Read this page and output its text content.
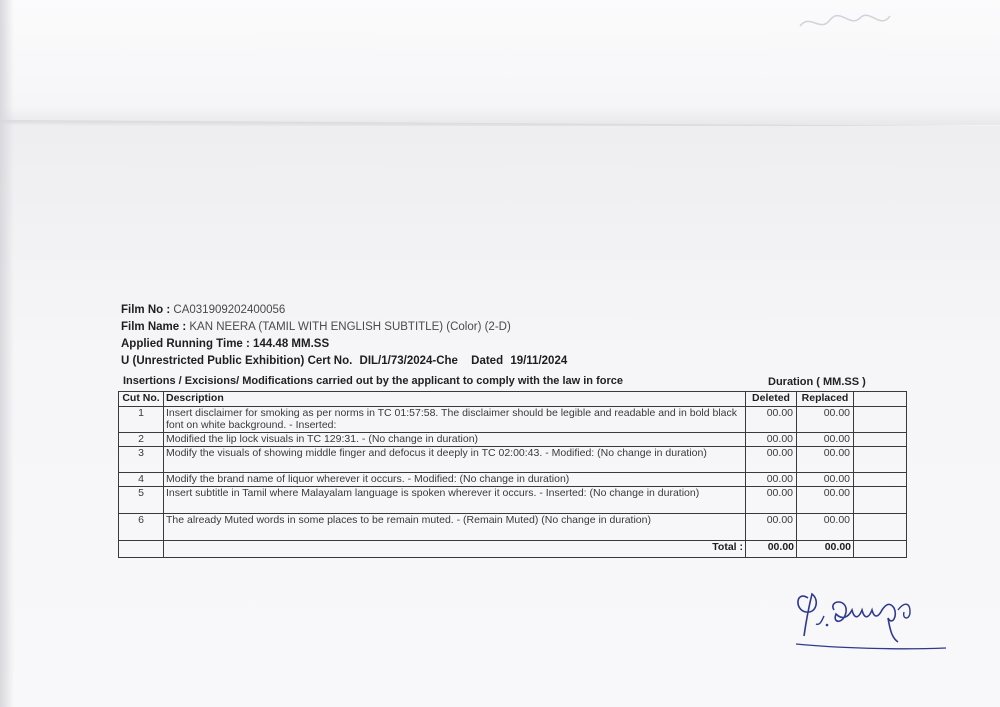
Film No : CA031909202400056
Film Name : KAN NEERA (TAMIL WITH ENGLISH SUBTITLE) (Color) (2-D)
Applied Running Time : 144.48 MM.SS
U (Unrestricted Public Exhibition) Cert No. DIL/1/73/2024-Che Dated 19/11/2024
Insertions / Excisions/ Modifications carried out by the applicant to comply with the law in force	Duration ( MM.SS )
Cut No.	Description	Deleted	Replaced	
1	Insert disclaimer for smoking as per norms in TC 01:57:58. The disclaimer should be legible and readable and in bold black font on white background. - Inserted:	00.00	00.00	
2	Modified the lip lock visuals in TC 129:31. - (No change in duration)	00.00	00.00	
3	Modify the visuals of showing middle finger and defocus it deeply in TC 02:00:43. - Modified: (No change in duration)	00.00	00.00	
4	Modify the brand name of liquor wherever it occurs. - Modified: (No change in duration)	00.00	00.00	
5	Insert subtitle in Tamil where Malayalam language is spoken wherever it occurs. - Inserted: (No change in duration)	00.00	00.00	
6	The already Muted words in some places to be remain muted. - (Remain Muted) (No change in duration)	00.00	00.00	
	Total :	00.00	00.00	
